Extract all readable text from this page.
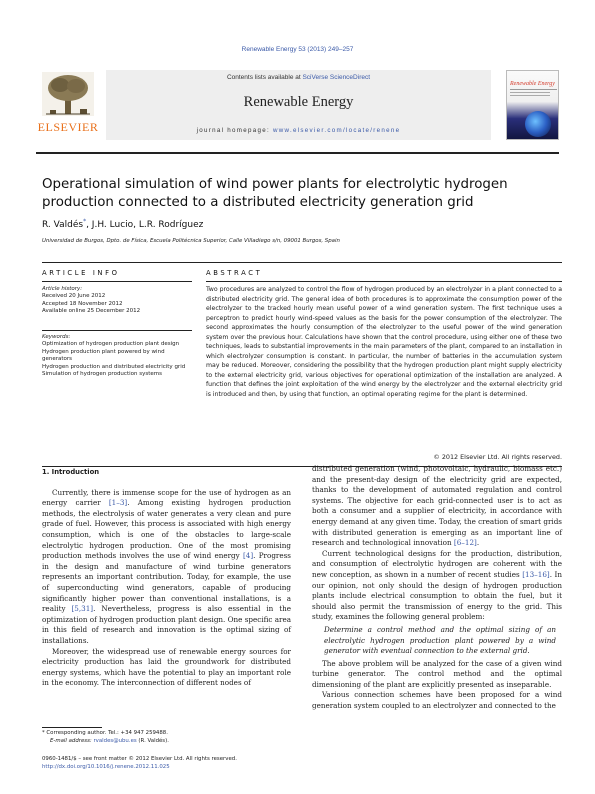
Renewable Energy 53 (2013) 249–257
ELSEVIER
Contents lists available at SciVerse ScienceDirect
Renewable Energy
journal homepage: www.elsevier.com/locate/renene
Renewable Energy
Operational simulation of wind power plants for electrolytic hydrogen production connected to a distributed electricity generation grid
R. Valdés*, J.H. Lucio, L.R. Rodríguez
Universidad de Burgos, Dpto. de Física, Escuela Politécnica Superior, Calle Villadiego s/n, 09001 Burgos, Spain
ARTICLE INFO	ABSTRACT
Article history:
Received 20 June 2012
Accepted 18 November 2012
Available online 25 December 2012
Keywords:
Optimization of hydrogen production plant design
Hydrogen production plant powered by wind generators
Hydrogen production and distributed electricity grid
Simulation of hydrogen production systems
Two procedures are analyzed to control the flow of hydrogen produced by an electrolyzer in a plant connected to a distributed electricity grid. The general idea of both procedures is to approximate the consumption power of the electrolyzer to the tracked hourly mean useful power of a wind generation system. The first technique uses a perceptron to predict hourly wind-speed values as the basis for the power consumption of the electrolyzer. The second approximates the hourly consumption of the electrolyzer to the useful power of the wind generation system over the previous hour. Calculations have shown that the control procedure, using either one of these two techniques, leads to substantial improvements in the main parameters of the plant, compared to an installation in which electrolyzer consumption is constant. In particular, the number of batteries in the accumulation system may be reduced. Moreover, considering the possibility that the hydrogen production plant might supply electricity to the external electricity grid, various objectives for operational optimization of the installation are analyzed. A function that defines the joint exploitation of the wind energy by the electrolyzer and the external electricity grid is introduced and then, by using that function, an optimal operating regime for the plant is determined.
© 2012 Elsevier Ltd. All rights reserved.
1. Introduction

Currently, there is immense scope for the use of hydrogen as an energy carrier [1–3]. Among existing hydrogen production methods, the electrolysis of water generates a very clean and pure grade of fuel. However, this process is associated with high energy consumption, which is one of the obstacles to large-scale electrolytic hydrogen production. One of the most promising production methods involves the use of wind energy [4]. Progress in the design and manufacture of wind turbine generators represents an important contribution. Today, for example, the use of superconducting wind generators, capable of producing significantly higher power than conventional installations, is a reality [5,31]. Nevertheless, progress is also essential in the optimization of hydrogen production plant design. One specific area in this field of research and innovation is the optimal sizing of installations.

Moreover, the widespread use of renewable energy sources for electricity production has laid the groundwork for distributed energy systems, which have the potential to play an important role in the economy. The interconnection of different nodes of

distributed generation (wind, photovoltaic, hydraulic, biomass etc.) and the present-day design of the electricity grid are expected, thanks to the development of automated regulation and control systems. The objective for each grid-connected user is to act as both a consumer and a supplier of electricity, in accordance with energy demand at any given time. Today, the creation of smart grids with distributed generation is emerging as an important line of research and technological innovation [6–12].

Current technological designs for the production, distribution, and consumption of electrolytic hydrogen are coherent with the new conception, as shown in a number of recent studies [13–16]. In our opinion, not only should the design of hydrogen production plants include electrical consumption to obtain the fuel, but it should also permit the transmission of energy to the grid. This study, examines the following general problem:

Determine a control method and the optimal sizing of an electrolytic hydrogen production plant powered by a wind generator with eventual connection to the external grid.

The above problem will be analyzed for the case of a given wind turbine generator. The control method and the optimal dimensioning of the plant are explicitly presented as inseparable.

Various connection schemes have been proposed for a wind generation system coupled to an electrolyzer and connected to the

* Corresponding author. Tel.: +34 947 259488.
E-mail address: rvaldes@ubu.es (R. Valdés).
0960-1481/$ – see front matter © 2012 Elsevier Ltd. All rights reserved.
http://dx.doi.org/10.1016/j.renene.2012.11.025
